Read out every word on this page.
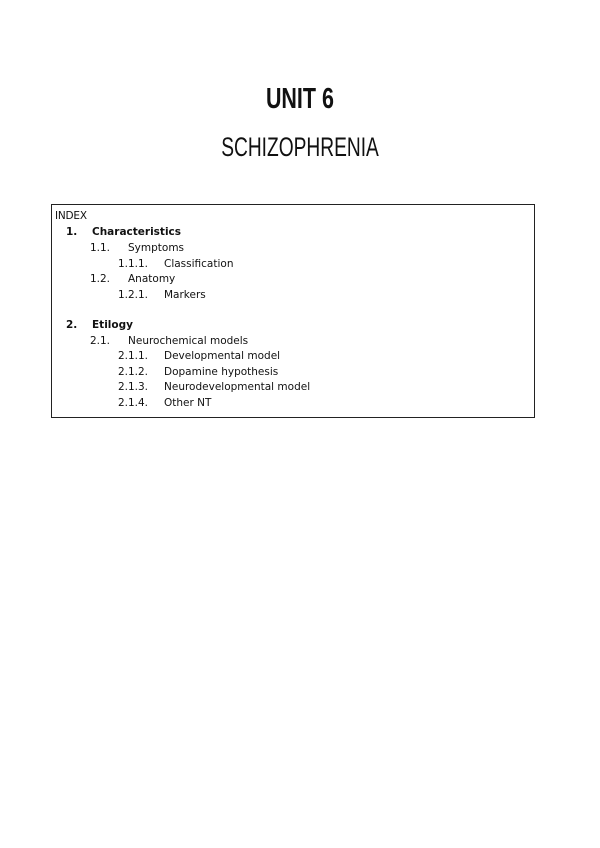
UNIT 6
SCHIZOPHRENIA
INDEX
1. Characteristics
1.1. Symptoms
1.1.1. Classification
1.2. Anatomy
1.2.1. Markers
2. Etilogy
2.1. Neurochemical models
2.1.1. Developmental model
2.1.2. Dopamine hypothesis
2.1.3. Neurodevelopmental model
2.1.4. Other NT
